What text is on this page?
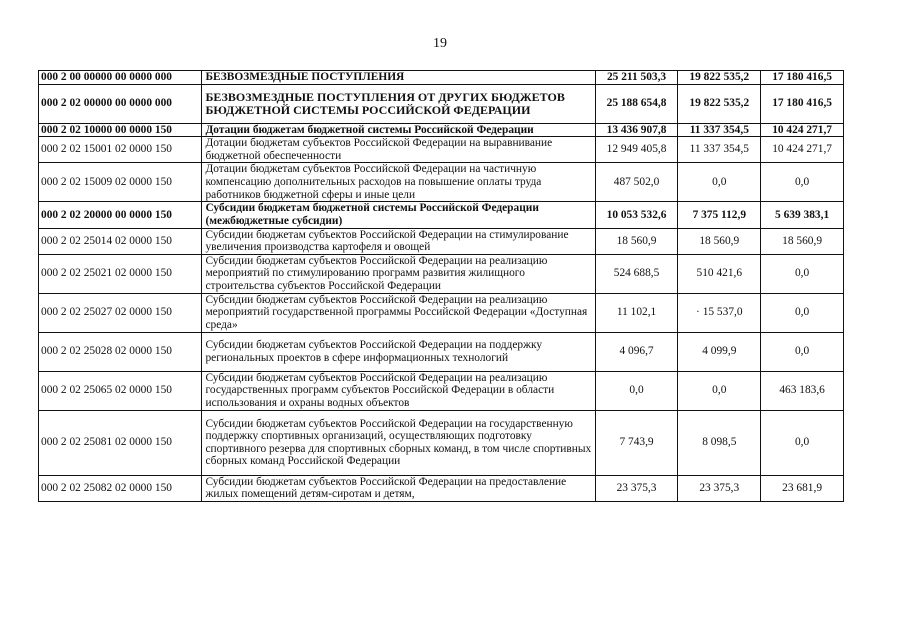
19
000 2 00 00000 00 0000 000	БЕЗВОЗМЕЗДНЫЕ ПОСТУПЛЕНИЯ	25 211 503,3	19 822 535,2	17 180 416,5
000 2 02 00000 00 0000 000	БЕЗВОЗМЕЗДНЫЕ ПОСТУПЛЕНИЯ ОТ ДРУГИХ БЮДЖЕТОВ БЮДЖЕТНОЙ СИСТЕМЫ РОССИЙСКОЙ ФЕДЕРАЦИИ	25 188 654,8	19 822 535,2	17 180 416,5
000 2 02 10000 00 0000 150	Дотации бюджетам бюджетной системы Российской Федерации	13 436 907,8	11 337 354,5	10 424 271,7
000 2 02 15001 02 0000 150	Дотации бюджетам субъектов Российской Федерации на выравнивание бюджетной обеспеченности	12 949 405,8	11 337 354,5	10 424 271,7
000 2 02 15009 02 0000 150	Дотации бюджетам субъектов Российской Федерации на частичную компенсацию дополнительных расходов на повышение оплаты труда работников бюджетной сферы и иные цели	487 502,0	0,0	0,0
000 2 02 20000 00 0000 150	Субсидии бюджетам бюджетной системы Российской Федерации (межбюджетные субсидии)	10 053 532,6	7 375 112,9	5 639 383,1
000 2 02 25014 02 0000 150	Субсидии бюджетам субъектов Российской Федерации на стимулирование увеличения производства картофеля и овощей	18 560,9	18 560,9	18 560,9
000 2 02 25021 02 0000 150	Субсидии бюджетам субъектов Российской Федерации на реализацию мероприятий по стимулированию программ развития жилищного строительства субъектов Российской Федерации	524 688,5	510 421,6	0,0
000 2 02 25027 02 0000 150	Субсидии бюджетам субъектов Российской Федерации на реализацию мероприятий государственной программы Российской Федерации «Доступная среда»	11 102,1	· 15 537,0	0,0
000 2 02 25028 02 0000 150	Субсидии бюджетам субъектов Российской Федерации на поддержку региональных проектов в сфере информационных технологий	4 096,7	4 099,9	0,0
000 2 02 25065 02 0000 150	Субсидии бюджетам субъектов Российской Федерации на реализацию государственных программ субъектов Российской Федерации в области использования и охраны водных объектов	0,0	0,0	463 183,6
000 2 02 25081 02 0000 150	Субсидии бюджетам субъектов Российской Федерации на государственную поддержку спортивных организаций, осуществляющих подготовку спортивного резерва для спортивных сборных команд, в том числе спортивных сборных команд Российской Федерации	7 743,9	8 098,5	0,0
000 2 02 25082 02 0000 150	Субсидии бюджетам субъектов Российской Федерации на предоставление жилых помещений детям-сиротам и детям,	23 375,3	23 375,3	23 681,9
